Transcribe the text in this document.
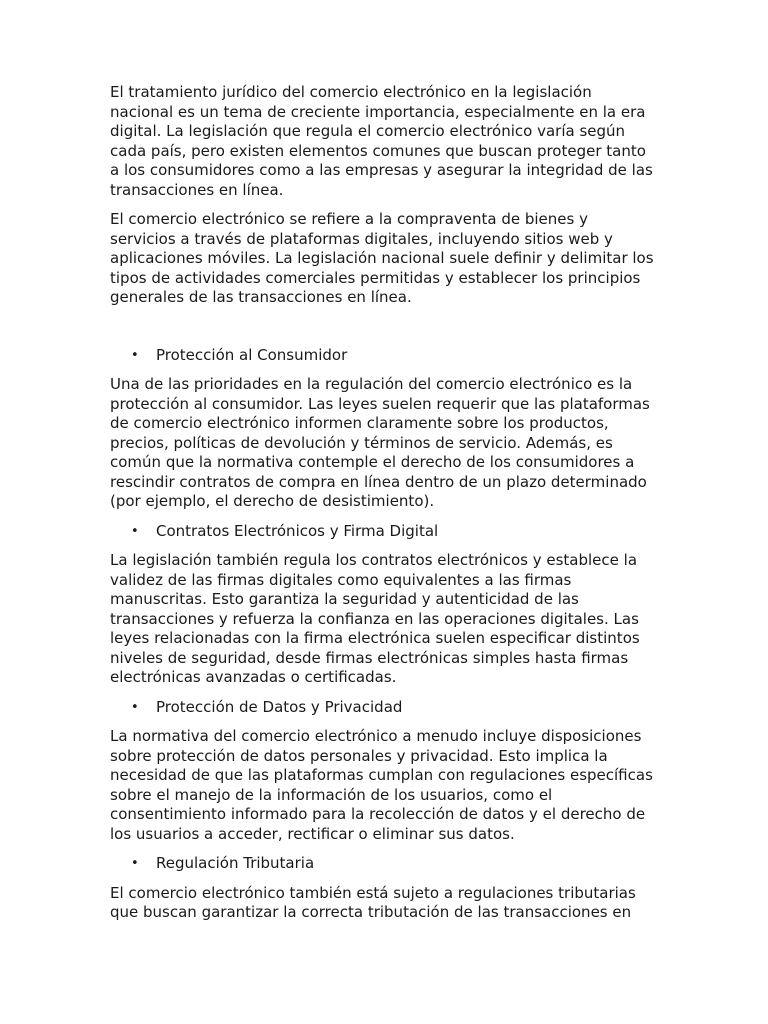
El tratamiento jurídico del comercio electrónico en la legislación nacional es un tema de creciente importancia, especialmente en la era digital. La legislación que regula el comercio electrónico varía según cada país, pero existen elementos comunes que buscan proteger tanto a los consumidores como a las empresas y asegurar la integridad de las transacciones en línea.

El comercio electrónico se refiere a la compraventa de bienes y servicios a través de plataformas digitales, incluyendo sitios web y aplicaciones móviles. La legislación nacional suele definir y delimitar los tipos de actividades comerciales permitidas y establecer los principios generales de las transacciones en línea.

• Protección al Consumidor

Una de las prioridades en la regulación del comercio electrónico es la protección al consumidor. Las leyes suelen requerir que las plataformas de comercio electrónico informen claramente sobre los productos, precios, políticas de devolución y términos de servicio. Además, es común que la normativa contemple el derecho de los consumidores a rescindir contratos de compra en línea dentro de un plazo determinado (por ejemplo, el derecho de desistimiento).

• Contratos Electrónicos y Firma Digital

La legislación también regula los contratos electrónicos y establece la validez de las firmas digitales como equivalentes a las firmas manuscritas. Esto garantiza la seguridad y autenticidad de las transacciones y refuerza la confianza en las operaciones digitales. Las leyes relacionadas con la firma electrónica suelen especificar distintos niveles de seguridad, desde firmas electrónicas simples hasta firmas electrónicas avanzadas o certificadas.

• Protección de Datos y Privacidad

La normativa del comercio electrónico a menudo incluye disposiciones sobre protección de datos personales y privacidad. Esto implica la necesidad de que las plataformas cumplan con regulaciones específicas sobre el manejo de la información de los usuarios, como el consentimiento informado para la recolección de datos y el derecho de los usuarios a acceder, rectificar o eliminar sus datos.

• Regulación Tributaria

El comercio electrónico también está sujeto a regulaciones tributarias que buscan garantizar la correcta tributación de las transacciones en
